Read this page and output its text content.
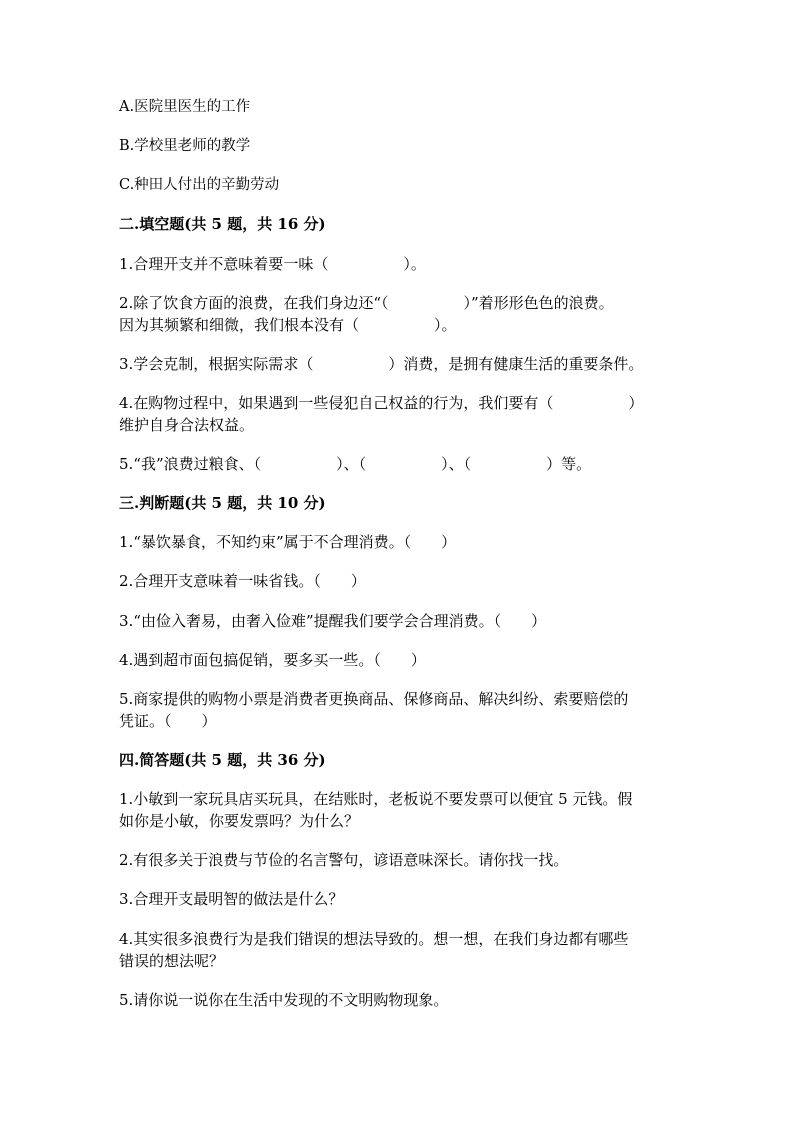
A.医院里医生的工作
B.学校里老师的教学
C.种田人付出的辛勤劳动
二.填空题(共 5 题，共 16 分)
1.合理开支并不意味着要一味（　　　　　）。
2.除了饮食方面的浪费，在我们身边还“（　　　　　）”着形形色色的浪费。
因为其频繁和细微，我们根本没有（　　　　　）。
3.学会克制，根据实际需求（　　　　　）消费，是拥有健康生活的重要条件。
4.在购物过程中，如果遇到一些侵犯自己权益的行为，我们要有（　　　　　）
维护自身合法权益。
5.“我”浪费过粮食、（　　　　　）、（　　　　　）、（　　　　　）等。
三.判断题(共 5 题，共 10 分)
1.“暴饮暴食，不知约束”属于不合理消费。（　　）
2.合理开支意味着一味省钱。（　　）
3.“由俭入奢易，由奢入俭难”提醒我们要学会合理消费。（　　）
4.遇到超市面包搞促销，要多买一些。（　　）
5.商家提供的购物小票是消费者更换商品、保修商品、解决纠纷、索要赔偿的
凭证。（　　）
四.简答题(共 5 题，共 36 分)
1.小敏到一家玩具店买玩具，在结账时，老板说不要发票可以便宜 5 元钱。假
如你是小敏，你要发票吗？为什么？
2.有很多关于浪费与节俭的名言警句，谚语意味深长。请你找一找。
3.合理开支最明智的做法是什么？
4.其实很多浪费行为是我们错误的想法导致的。想一想，在我们身边都有哪些
错误的想法呢？
5.请你说一说你在生活中发现的不文明购物现象。
